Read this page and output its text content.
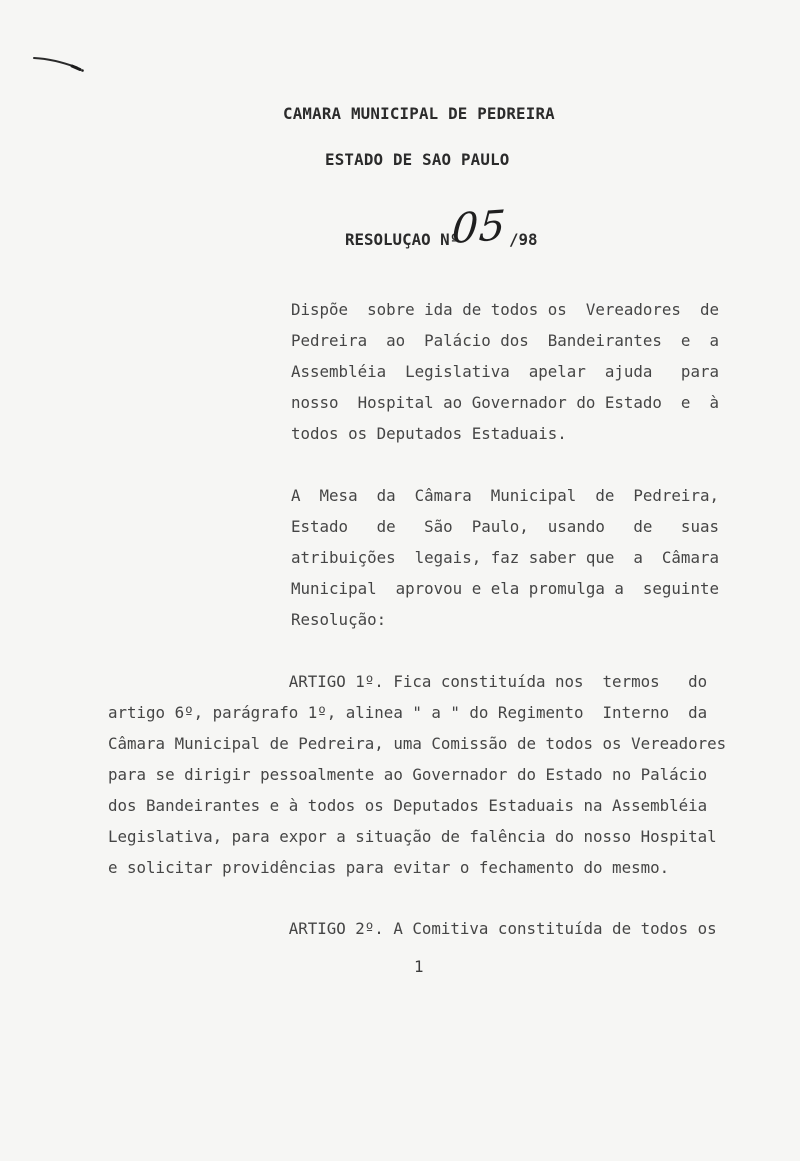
CAMARA MUNICIPAL DE PEDREIRA
ESTADO DE SAO PAULO
RESOLUÇAO Nº
05 /98
Dispõe  sobre ida de todos os  Vereadores  de
Pedreira  ao  Palácio dos  Bandeirantes  e  a
Assembléia  Legislativa  apelar  ajuda   para
nosso  Hospital ao Governador do Estado  e  à
todos os Deputados Estaduais.
A  Mesa  da  Câmara  Municipal  de  Pedreira,
Estado   de   São  Paulo,  usando   de   suas
atribuições  legais, faz saber que  a  Câmara
Municipal  aprovou e ela promulga a  seguinte
Resolução:
ARTIGO 1º. Fica constituída nos  termos   do
artigo 6º, parágrafo 1º, alinea " a " do Regimento  Interno  da
Câmara Municipal de Pedreira, uma Comissão de todos os Vereadores
para se dirigir pessoalmente ao Governador do Estado no Palácio
dos Bandeirantes e à todos os Deputados Estaduais na Assembléia
Legislativa, para expor a situação de falência do nosso Hospital
e solicitar providências para evitar o fechamento do mesmo.
ARTIGO 2º. A Comitiva constituída de todos os
1
